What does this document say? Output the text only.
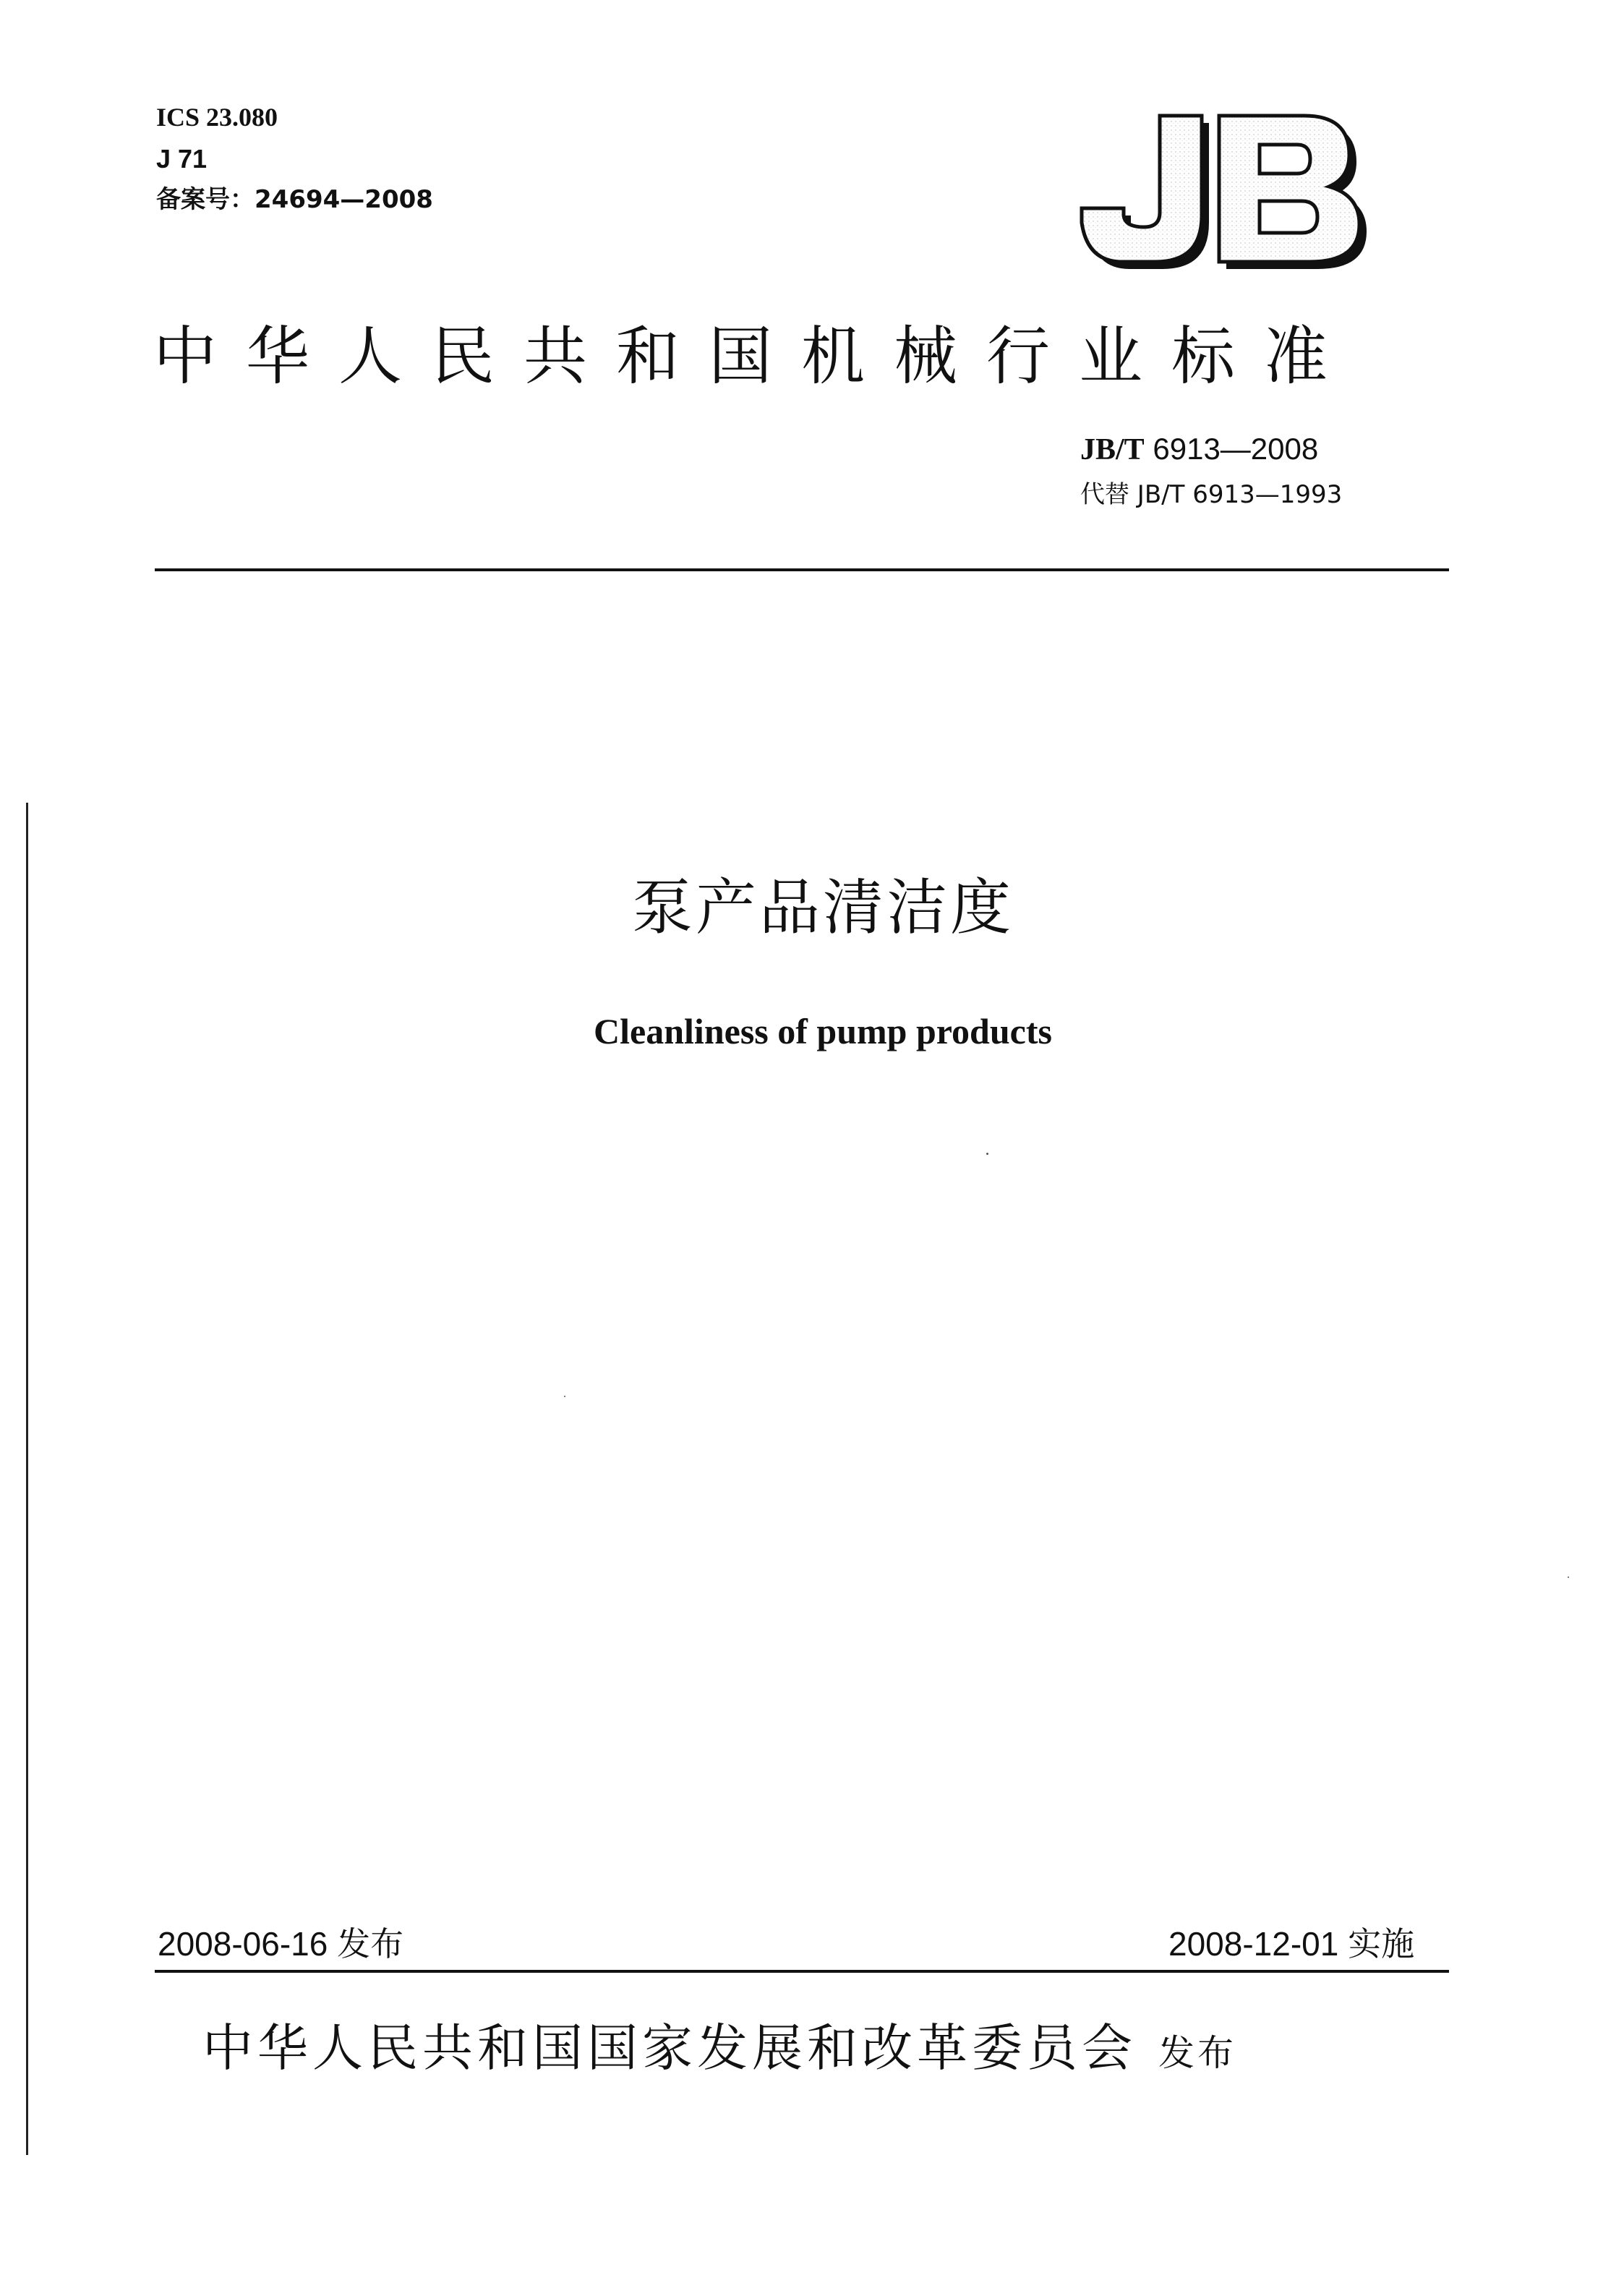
ICS 23.080
J 71
备案号：24694—2008
中华人民共和国机械行业标准
JB/T 6913—2008
代替 JB/T 6913—1993
泵产品清洁度
Cleanliness of pump products
2008-06-16 发布	2008-12-01 实施
中华人民共和国国家发展和改革委员会 发布
